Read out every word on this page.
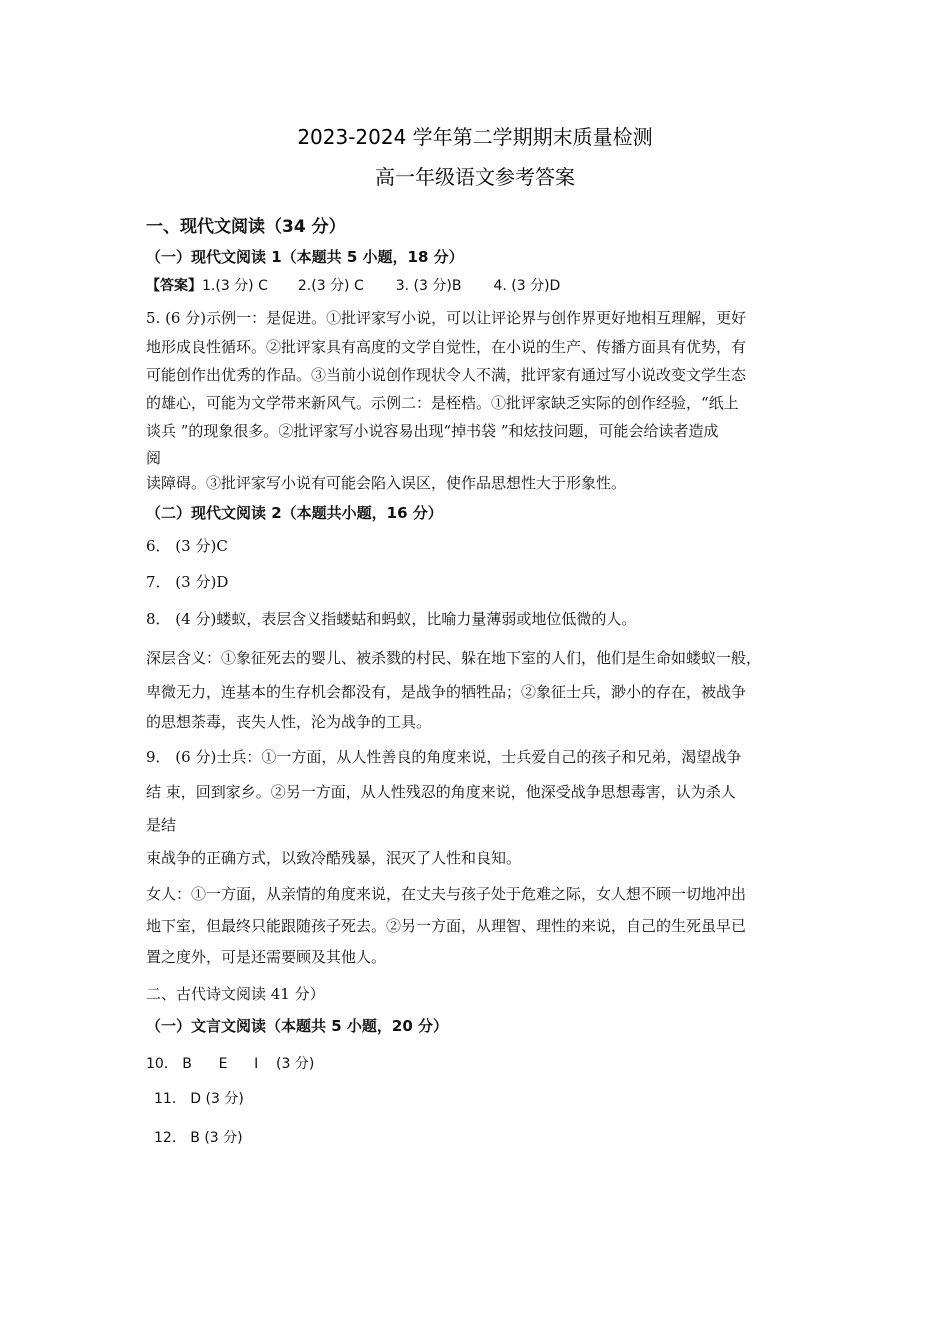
2023-2024 学年第二学期期末质量检测
高一年级语文参考答案
一、现代文阅读（34 分）
（一）现代文阅读 1（本题共 5 小题，18 分）
【答案】1.(3 分) C 2.(3 分) C 3. (3 分)B 4. (3 分)D
5. (6 分)示例一：是促进。①批评家写小说，可以让评论界与创作界更好地相互理解，更好
地形成良性循环。②批评家具有高度的文学自觉性，在小说的生产、传播方面具有优势，有
可能创作出优秀的作品。③当前小说创作现状令人不满，批评家有通过写小说改变文学生态
的雄心，可能为文学带来新风气。示例二：是桎梏。①批评家缺乏实际的创作经验，“纸上
谈兵 ”的现象很多。②批评家写小说容易出现“掉书袋 ”和炫技问题，可能会给读者造成
阅
读障碍。③批评家写小说有可能会陷入误区，使作品思想性大于形象性。
（二）现代文阅读 2（本题共小题，16 分）
6． (3 分)C
7． (3 分)D
8． (4 分)蝼蚁，表层含义指蝼蛄和蚂蚁，比喻力量薄弱或地位低微的人。
深层含义：①象征死去的婴儿、被杀戮的村民、躲在地下室的人们，他们是生命如蝼蚁一般，
卑微无力，连基本的生存机会都没有，是战争的牺牲品；②象征士兵，渺小的存在，被战争
的思想荼毒，丧失人性，沦为战争的工具。
9． (6 分)士兵：①一方面，从人性善良的角度来说，士兵爱自己的孩子和兄弟，渴望战争
结 束，回到家乡。②另一方面，从人性残忍的角度来说，他深受战争思想毒害，认为杀人
是结
束战争的正确方式，以致冷酷残暴，泯灭了人性和良知。
女人：①一方面，从亲情的角度来说，在丈夫与孩子处于危难之际，女人想不顾一切地冲出
地下室，但最终只能跟随孩子死去。②另一方面，从理智、理性的来说，自己的生死虽早已
置之度外，可是还需要顾及其他人。
二、古代诗文阅读 41 分）
（一）文言文阅读（本题共 5 小题，20 分）
10． B      E      I    (3 分)
11． D (3 分)
12． B (3 分)
